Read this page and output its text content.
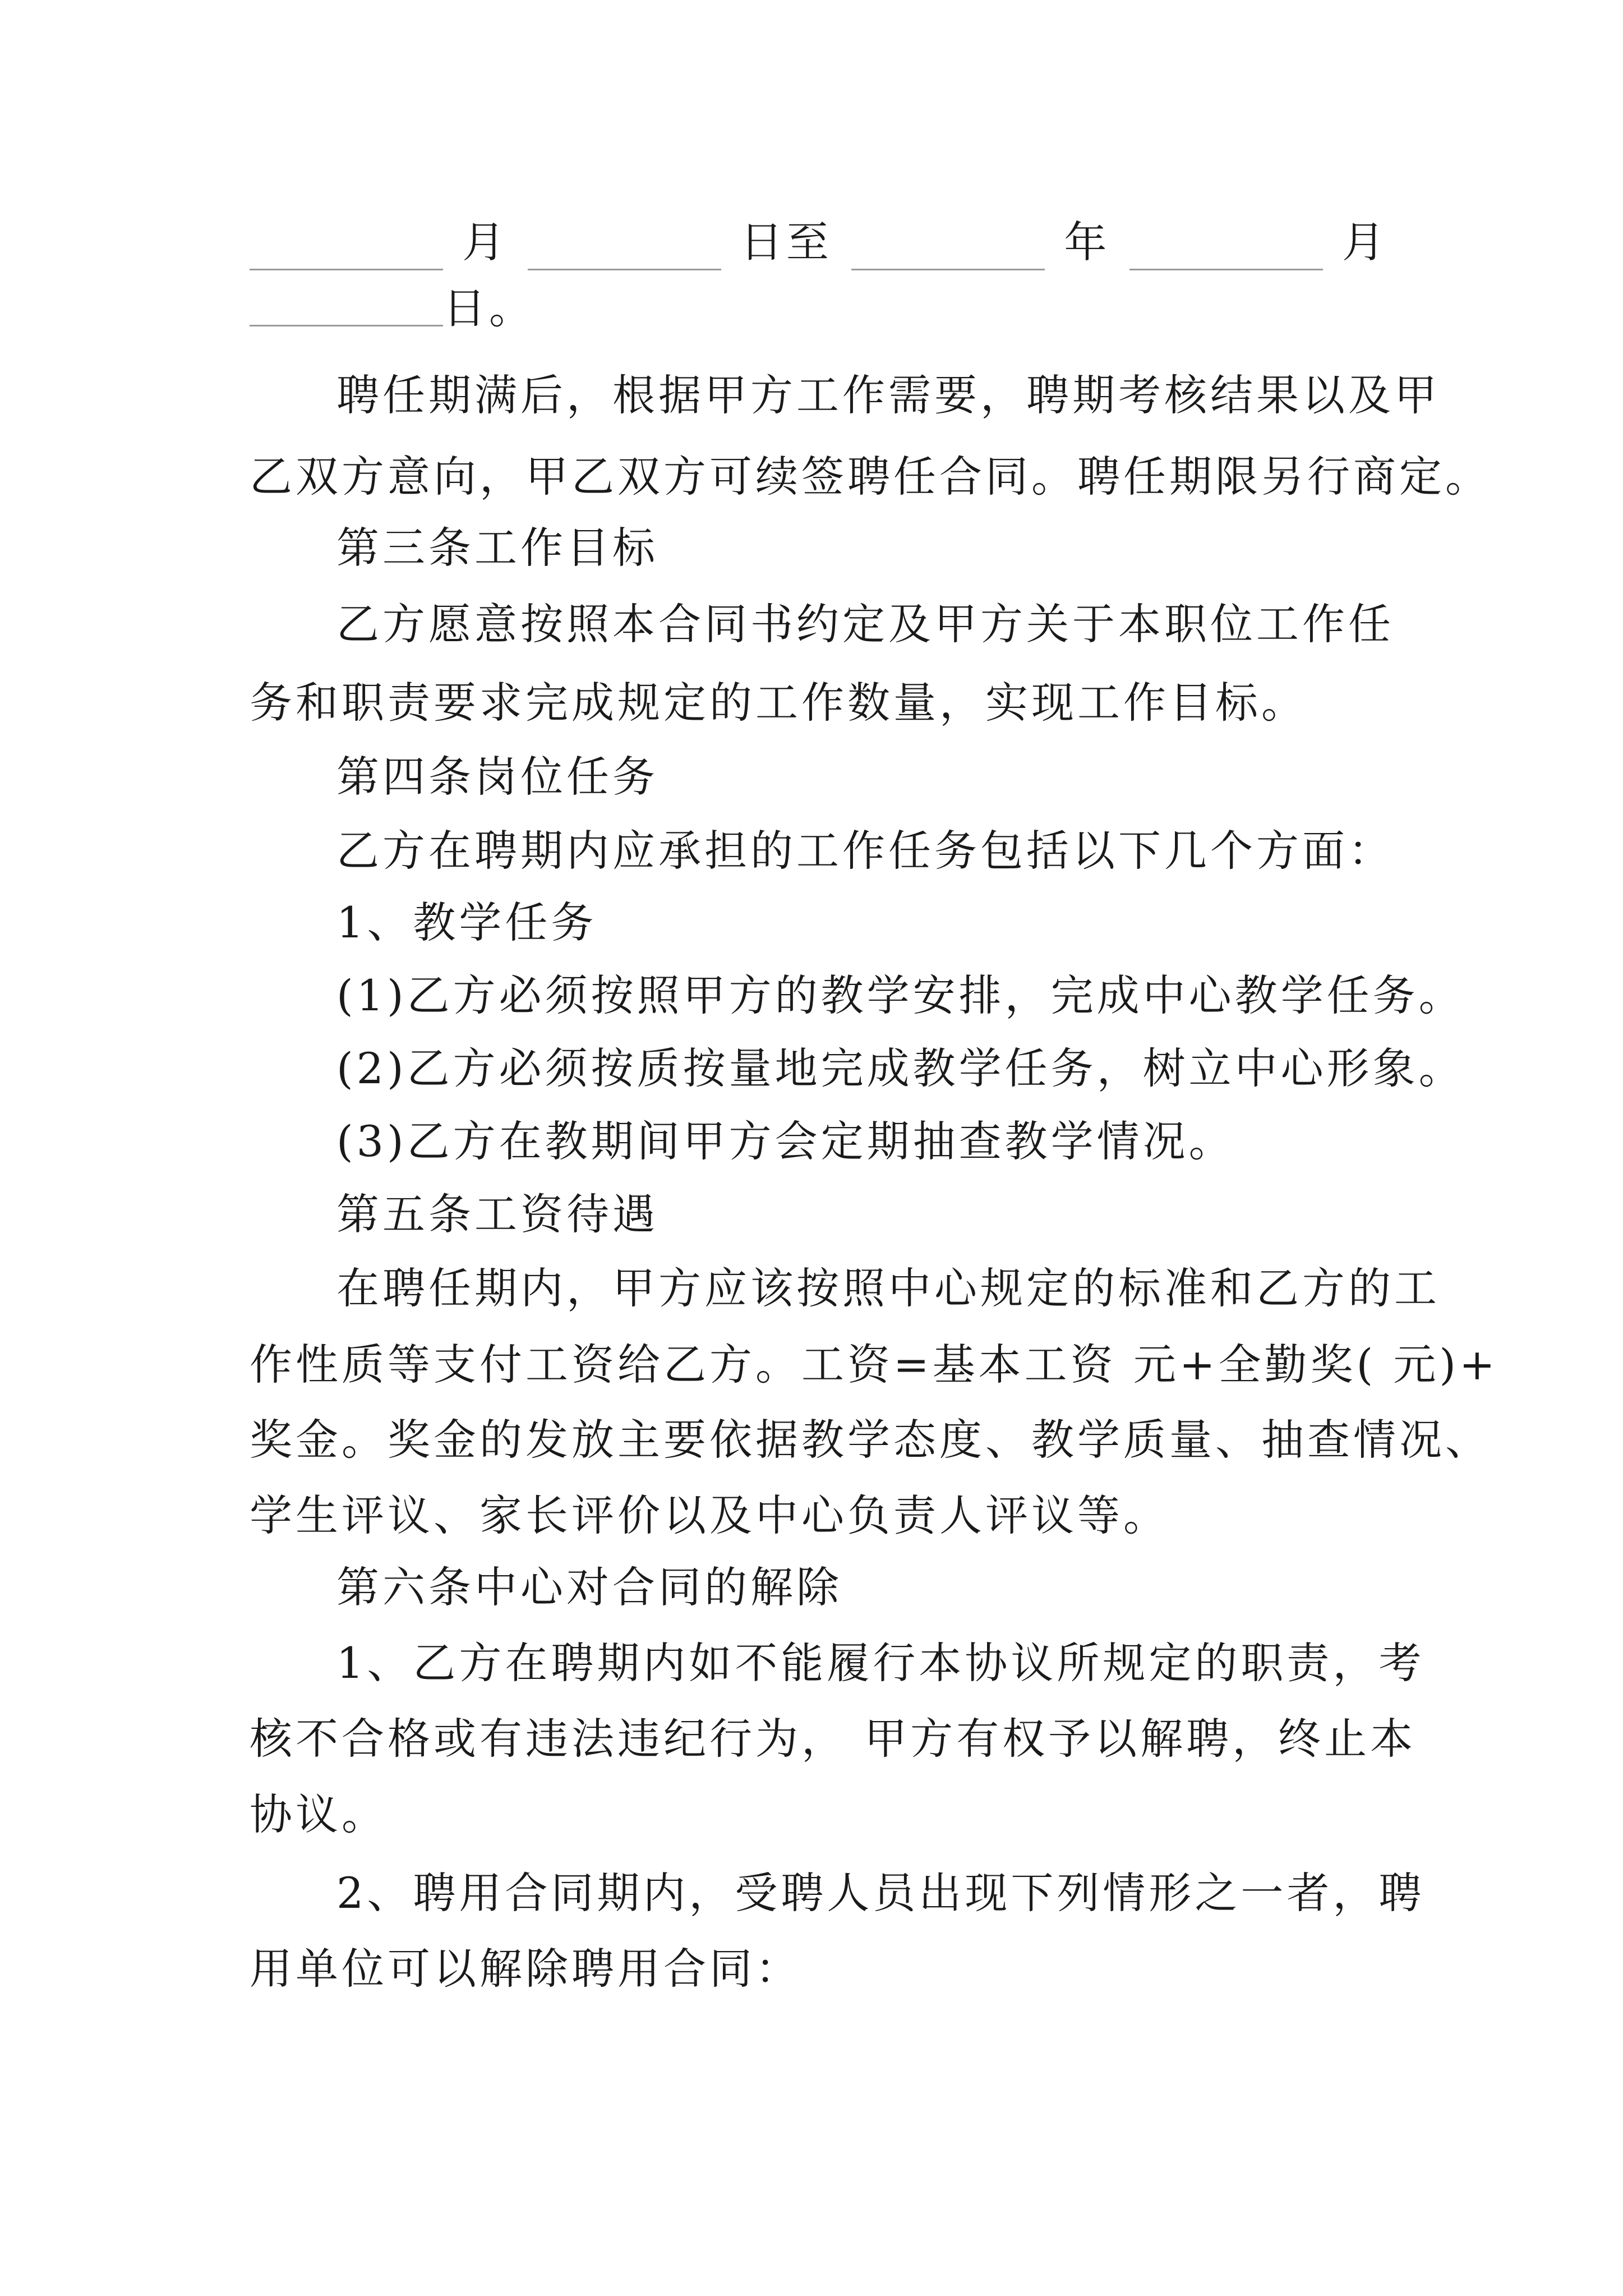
月	日至	年	月
日。
聘任期满后，根据甲方工作需要，聘期考核结果以及甲
乙双方意向，甲乙双方可续签聘任合同。聘任期限另行商定。
第三条工作目标
乙方愿意按照本合同书约定及甲方关于本职位工作任
务和职责要求完成规定的工作数量，实现工作目标。
第四条岗位任务
乙方在聘期内应承担的工作任务包括以下几个方面：
1、教学任务
(1)乙方必须按照甲方的教学安排，完成中心教学任务。
(2)乙方必须按质按量地完成教学任务，树立中心形象。
(3)乙方在教期间甲方会定期抽查教学情况。
第五条工资待遇
在聘任期内，甲方应该按照中心规定的标准和乙方的工
作性质等支付工资给乙方。工资=基本工资 元+全勤奖( 元)+
奖金。奖金的发放主要依据教学态度、教学质量、抽查情况、
学生评议、家长评价以及中心负责人评议等。
第六条中心对合同的解除
1、乙方在聘期内如不能履行本协议所规定的职责，考
核不合格或有违法违纪行为， 甲方有权予以解聘，终止本
协议。
2、聘用合同期内，受聘人员出现下列情形之一者，聘
用单位可以解除聘用合同：
